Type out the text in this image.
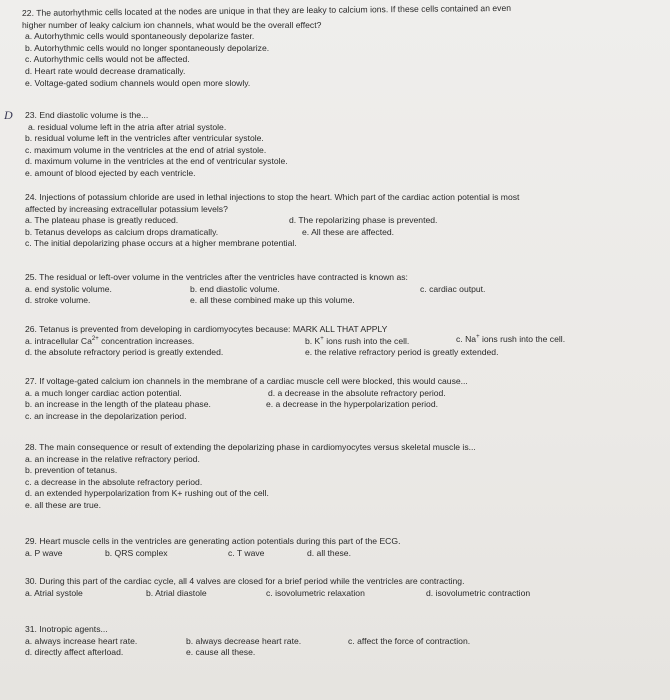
D
22. The autorhythmic cells located at the nodes are unique in that they are leaky to calcium ions. If these cells contained an even
higher number of leaky calcium ion channels, what would be the overall effect?
a. Autorhythmic cells would spontaneously depolarize faster.
b. Autorhythmic cells would no longer spontaneously depolarize.
c. Autorhythmic cells would not be affected.
d. Heart rate would decrease dramatically.
e. Voltage-gated sodium channels would open more slowly.
23. End diastolic volume is the...
a. residual volume left in the atria after atrial systole.
b. residual volume left in the ventricles after ventricular systole.
c. maximum volume in the ventricles at the end of atrial systole.
d. maximum volume in the ventricles at the end of ventricular systole.
e. amount of blood ejected by each ventricle.
24. Injections of potassium chloride are used in lethal injections to stop the heart. Which part of the cardiac action potential is most
affected by increasing extracellular potassium levels?
a. The plateau phase is greatly reduced.	d. The repolarizing phase is prevented.
b. Tetanus develops as calcium drops dramatically.	e. All these are affected.
c. The initial depolarizing phase occurs at a higher membrane potential.
25. The residual or left-over volume in the ventricles after the ventricles have contracted is known as:
a. end systolic volume.	b. end diastolic volume.	c. cardiac output.
d. stroke volume.	e. all these combined make up this volume.
26. Tetanus is prevented from developing in cardiomyocytes because: MARK ALL THAT APPLY
a. intracellular $Ca^{2+}$ concentration increases.	b. K+ ions rush into the cell.	c. Na+ ions rush into the cell.
d. the absolute refractory period is greatly extended.	e. the relative refractory period is greatly extended.
27. If voltage-gated calcium ion channels in the membrane of a cardiac muscle cell were blocked, this would cause...
a. a much longer cardiac action potential.	d. a decrease in the absolute refractory period.
b. an increase in the length of the plateau phase.	e. a decrease in the hyperpolarization period.
c. an increase in the depolarization period.
28. The main consequence or result of extending the depolarizing phase in cardiomyocytes versus skeletal muscle is...
a. an increase in the relative refractory period.
b. prevention of tetanus.
c. a decrease in the absolute refractory period.
d. an extended hyperpolarization from K+ rushing out of the cell.
e. all these are true.
29. Heart muscle cells in the ventricles are generating action potentials during this part of the ECG.
a. P wave	b. QRS complex	c. T wave	d. all these.
30. During this part of the cardiac cycle, all 4 valves are closed for a brief period while the ventricles are contracting.
a. Atrial systole	b. Atrial diastole	c. isovolumetric relaxation	d. isovolumetric contraction
31. Inotropic agents...
a. always increase heart rate.	b. always decrease heart rate.	c. affect the force of contraction.
d. directly affect afterload.	e. cause all these.
